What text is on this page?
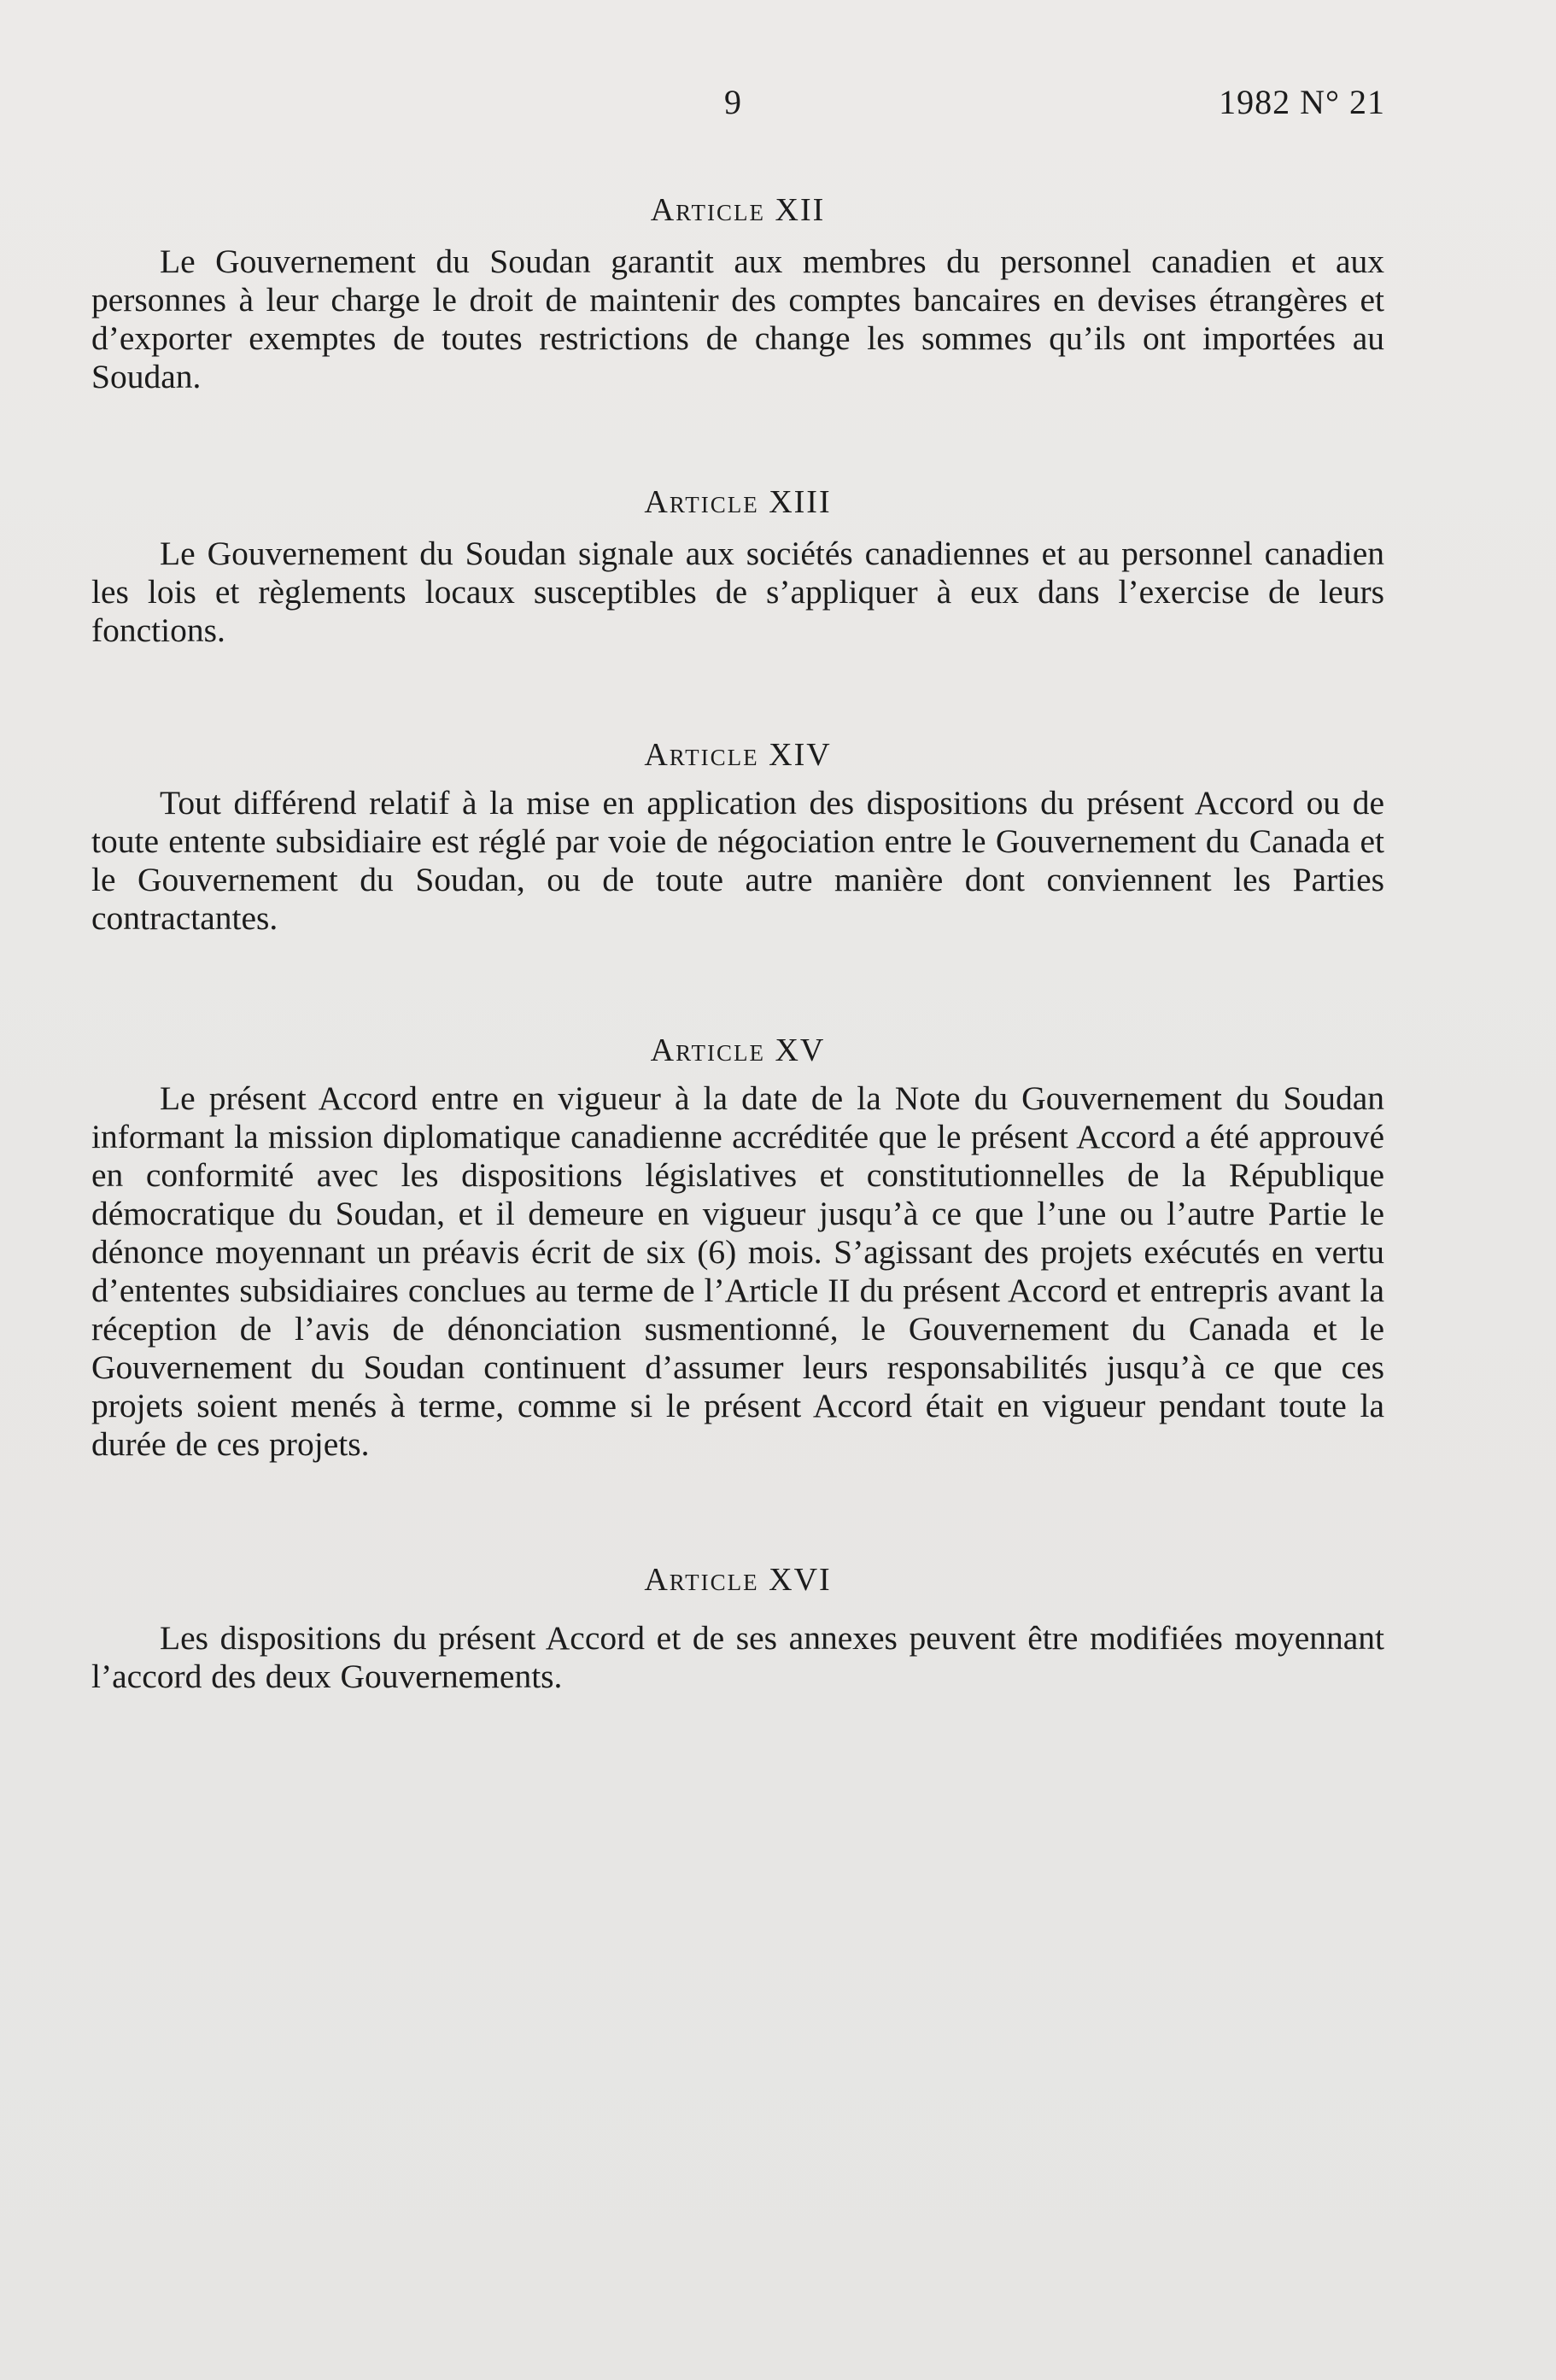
9	1982 N° 21
Article XII

Le Gouvernement du Soudan garantit aux membres du personnel canadien et aux personnes à leur charge le droit de maintenir des comptes bancaires en devises étrangères et d’exporter exemptes de toutes restrictions de change les sommes qu’ils ont importées au Soudan.

Article XIII

Le Gouvernement du Soudan signale aux sociétés canadiennes et au personnel canadien les lois et règlements locaux susceptibles de s’appliquer à eux dans l’exercise de leurs fonctions.

Article XIV

Tout différend relatif à la mise en application des dispositions du présent Accord ou de toute entente subsidiaire est réglé par voie de négociation entre le Gouvernement du Canada et le Gouvernement du Soudan, ou de toute autre manière dont conviennent les Parties contractantes.

Article XV

Le présent Accord entre en vigueur à la date de la Note du Gouvernement du Soudan informant la mission diplomatique canadienne accréditée que le présent Accord a été approuvé en conformité avec les dispositions législatives et constitutionnelles de la République démocratique du Soudan, et il demeure en vigueur jusqu’à ce que l’une ou l’autre Partie le dénonce moyennant un préavis écrit de six (6) mois. S’agissant des projets exécutés en vertu d’ententes subsidiaires conclues au terme de l’Article II du présent Accord et entrepris avant la réception de l’avis de dénonciation susmentionné, le Gouvernement du Canada et le Gouvernement du Soudan continuent d’assumer leurs responsabilités jusqu’à ce que ces projets soient menés à terme, comme si le présent Accord était en vigueur pendant toute la durée de ces projets.

Article XVI

Les dispositions du présent Accord et de ses annexes peuvent être modifiées moyennant l’accord des deux Gouvernements.
